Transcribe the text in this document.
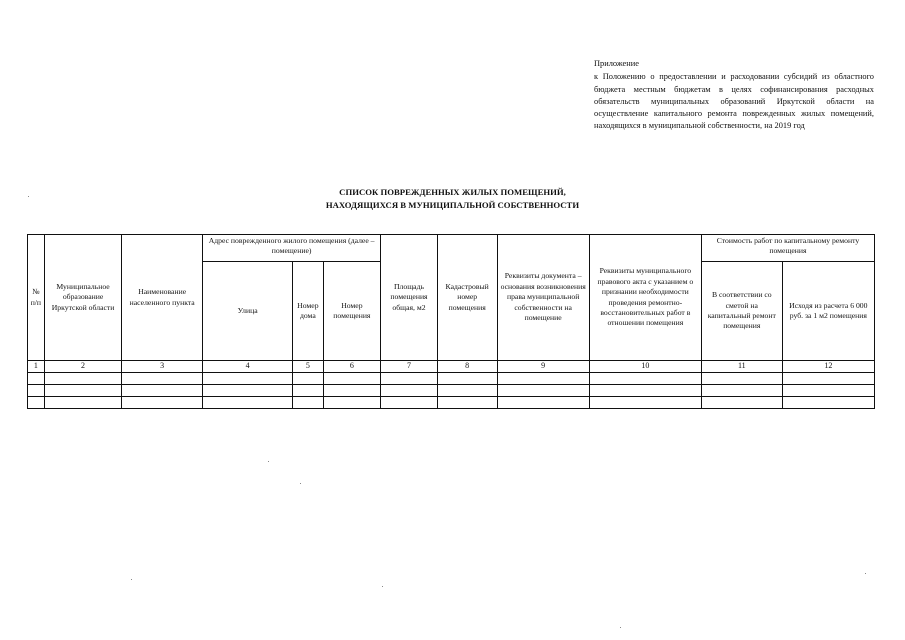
Приложение
к Положению о предоставлении и расходовании субсидий из областного бюджета местным бюджетам в целях софинансирования расходных обязательств муниципальных образований Иркутской области на осуществление капитального ремонта поврежденных жилых помещений, находящихся в муниципальной собственности, на 2019 год
СПИСОК ПОВРЕЖДЕННЫХ ЖИЛЫХ ПОМЕЩЕНИЙ,
НАХОДЯЩИХСЯ В МУНИЦИПАЛЬНОЙ СОБСТВЕННОСТИ
№ п/п	Муниципальное образование Иркутской области	Наименование населенного пункта	Адрес поврежденного жилого помещения (далее – помещение)			Площадь помещения общая, м2	Кадастровый номер помещения	Реквизиты документа – основания возникновения права муниципальной собственности на помещение	Реквизиты муниципального правового акта с указанием о признании необходимости проведения ремонтно-восстановительных работ в отношении помещения	Стоимость работ по капитальному ремонту помещения	
			Улица	Номер дома	Номер помещения					В соответствии со сметой на капитальный ремонт помещения	Исходя из расчета 6 000 руб. за 1 м2 помещения
1	2	3	4	5	6	7	8	9	10	11	12
